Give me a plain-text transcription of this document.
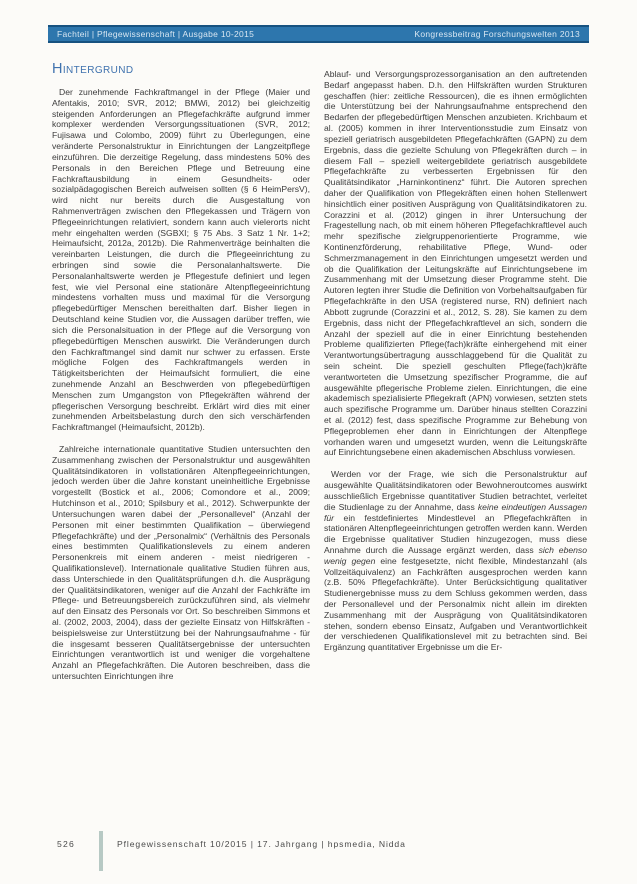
Fachteil | Pflegewissenschaft | Ausgabe 10-2015	Kongressbeitrag Forschungswelten 2013
Hintergrund

Der zunehmende Fachkraftmangel in der Pflege (Maier und Afentakis, 2010; SVR, 2012; BMWi, 2012) bei gleichzeitig steigenden Anforderungen an Pflegefachkräfte aufgrund immer komplexer werdenden Versorgungssituationen (SVR, 2012; Fujisawa und Colombo, 2009) führt zu Überlegungen, eine veränderte Personalstruktur in Einrichtungen der Langzeitpflege einzuführen. Die derzeitige Regelung, dass mindestens 50% des Personals in den Bereichen Pflege und Betreuung eine Fachkraftausbildung in einem Gesundheits- oder sozialpädagogischen Bereich aufweisen sollten (§ 6 HeimPersV), wird nicht nur bereits durch die Ausgestaltung von Rahmenverträgen zwischen den Pflegekassen und Trägern von Pflegeeinrichtungen relativiert, sondern kann auch vielerorts nicht mehr eingehalten werden (SGBXI; § 75 Abs. 3 Satz 1 Nr. 1+2; Heimaufsicht, 2012a, 2012b). Die Rahmenverträge beinhalten die vereinbarten Leistungen, die durch die Pflegeeinrichtung zu erbringen sind sowie die Personalanhaltswerte. Die Personalanhaltswerte werden je Pflegestufe definiert und legen fest, wie viel Personal eine stationäre Altenpflegeeinrichtung mindestens vorhalten muss und maximal für die Versorgung pflegebedürftiger Menschen bereithalten darf. Bisher liegen in Deutschland keine Studien vor, die Aussagen darüber treffen, wie sich die Personalsituation in der Pflege auf die Versorgung von pflegebedürftigen Menschen auswirkt. Die Veränderungen durch den Fachkraftmangel sind damit nur schwer zu erfassen. Erste mögliche Folgen des Fachkraftmangels werden in Tätigkeitsberichten der Heimaufsicht formuliert, die eine zunehmende Anzahl an Beschwerden von pflegebedürftigen Menschen zum Umgangston von Pflegekräften während der pflegerischen Versorgung beschreibt. Erklärt wird dies mit einer zunehmenden Arbeitsbelastung durch den sich verschärfenden Fachkraftmangel (Heimaufsicht, 2012b).

Zahlreiche internationale quantitative Studien untersuchten den Zusammenhang zwischen der Personalstruktur und ausgewählten Qualitätsindikatoren in vollstationären Altenpflegeeinrichtungen, jedoch werden über die Jahre konstant uneinheitliche Ergebnisse vorgestellt (Bostick et al., 2006; Comondore et al., 2009; Hutchinson et al., 2010; Spilsbury et al., 2012). Schwerpunkte der Untersuchungen waren dabei der „Personallevel“ (Anzahl der Personen mit einer bestimmten Qualifikation – überwiegend Pflegefachkräfte) und der „Personalmix“ (Verhältnis des Personals eines bestimmten Qualifikationslevels zu einem anderen Personenkreis mit einem anderen - meist niedrigeren - Qualifikationslevel). Internationale qualitative Studien führen aus, dass Unterschiede in den Qualitätsprüfungen d.h. die Ausprägung der Qualitätsindikatoren, weniger auf die Anzahl der Fachkräfte im Pflege- und Betreuungsbereich zurückzuführen sind, als vielmehr auf den Einsatz des Personals vor Ort. So beschreiben Simmons et al. (2002, 2003, 2004), dass der gezielte Einsatz von Hilfskräften - beispielsweise zur Unterstützung bei der Nahrungsaufnahme - für die insgesamt besseren Qualitätsergebnisse der untersuchten Einrichtungen verantwortlich ist und weniger die vorgehaltene Anzahl an Pflegefachkräften. Die Autoren beschreiben, dass die untersuchten Einrichtungen ihre

Ablauf- und Versorgungsprozessorganisation an den auftretenden Bedarf angepasst haben. D.h. den Hilfskräften wurden Strukturen geschaffen (hier: zeitliche Ressourcen), die es ihnen ermöglichten die Unterstützung bei der Nahrungsaufnahme entsprechend den Bedarfen der pflegebedürftigen Menschen anzubieten. Krichbaum et al. (2005) kommen in ihrer Interventionsstudie zum Einsatz von speziell geriatrisch ausgebildeten Pflegefachkräften (GAPN) zu dem Ergebnis, dass die gezielte Schulung von Pflegekräften durch – in diesem Fall – speziell weitergebildete geriatrisch ausgebildete Pflegefachkräfte zu verbesserten Ergebnissen für den Qualitätsindikator „Harninkontinenz“ führt. Die Autoren sprechen daher der Qualifikation von Pflegekräften einen hohen Stellenwert hinsichtlich einer positiven Ausprägung von Qualitätsindikatoren zu. Corazzini et al. (2012) gingen in ihrer Untersuchung der Fragestellung nach, ob mit einem höheren Pflegefachkraftlevel auch mehr spezifische zielgruppenorientierte Programme, wie Kontinenzförderung, rehabilitative Pflege, Wund- oder Schmerzmanagement in den Einrichtungen umgesetzt werden und ob die Qualifikation der Leitungskräfte auf Einrichtungsebene im Zusammenhang mit der Umsetzung dieser Programme steht. Die Autoren legten ihrer Studie die Definition von Vorbehaltsaufgaben für Pflegefachkräfte in den USA (registered nurse, RN) definiert nach Abbott zugrunde (Corazzini et al., 2012, S. 28). Sie kamen zu dem Ergebnis, dass nicht der Pflegefachkraftlevel an sich, sondern die Anzahl der speziell auf die in einer Einrichtung bestehenden Probleme qualifizierten Pflege(fach)kräfte einhergehend mit einer Verantwortungsübertragung ausschlaggebend für die Qualität zu sein scheint. Die speziell geschulten Pflege(fach)kräfte verantworteten die Umsetzung spezifischer Programme, die auf ausgewählte pflegerische Probleme zielen. Einrichtungen, die eine akademisch spezialisierte Pflegekraft (APN) vorwiesen, setzten stets auch spezifische Programme um. Darüber hinaus stellten Corazzini et al. (2012) fest, dass spezifische Programme zur Behebung von Pflegeproblemen eher dann in Einrichtungen der Altenpflege vorhanden waren und umgesetzt wurden, wenn die Leitungskräfte auf Einrichtungsebene einen akademischen Abschluss vorwiesen.

Werden vor der Frage, wie sich die Personalstruktur auf ausgewählte Qualitätsindikatoren oder Bewohneroutcomes auswirkt ausschließlich Ergebnisse quantitativer Studien betrachtet, verleitet die Studienlage zu der Annahme, dass keine eindeutigen Aussagen für ein festdefiniertes Mindestlevel an Pflegefachkräften in stationären Altenpflegeeinrichtungen getroffen werden kann. Werden die Ergebnisse qualitativer Studien hinzugezogen, muss diese Annahme durch die Aussage ergänzt werden, dass sich ebenso wenig gegen eine festgesetzte, nicht flexible, Mindestanzahl (als Vollzeitäquivalenz) an Fachkräften ausgesprochen werden kann (z.B. 50% Pflegefachkräfte). Unter Berücksichtigung qualitativer Studienergebnisse muss zu dem Schluss gekommen werden, dass der Personallevel und der Personalmix nicht allein im direkten Zusammenhang mit der Ausprägung von Qualitätsindikatoren stehen, sondern ebenso Einsatz, Aufgaben und Verantwortlichkeit der verschiedenen Qualifikationslevel mit zu betrachten sind. Bei Ergänzung quantitativer Ergebnisse um die Er-

526	Pflegewissenschaft 10/2015 | 17. Jahrgang | hpsmedia, Nidda
